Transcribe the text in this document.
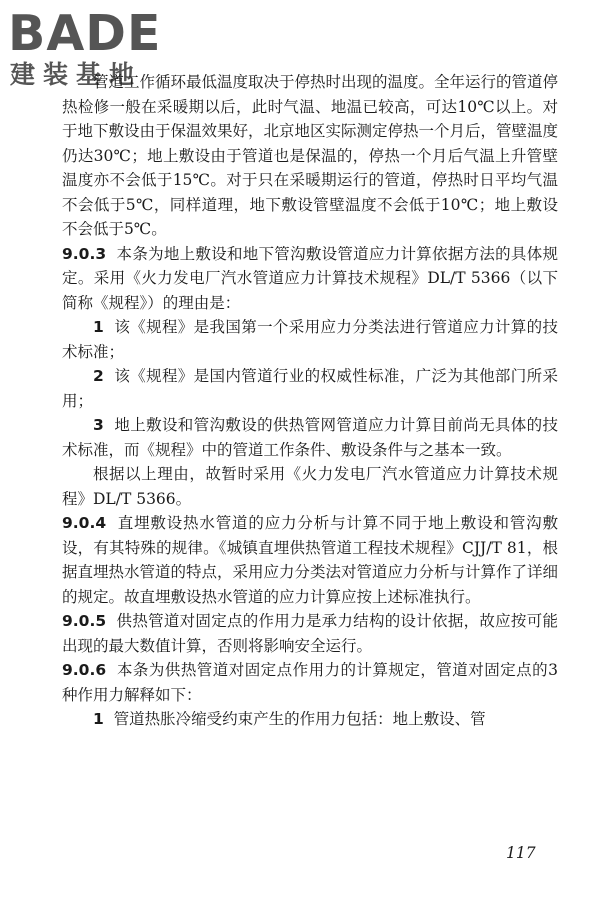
BADE
建装基地

管道工作循环最低温度取决于停热时出现的温度。全年运行的管道停热检修一般在采暖期以后，此时气温、地温已较高，可达10℃以上。对于地下敷设由于保温效果好，北京地区实际测定停热一个月后，管壁温度仍达30℃；地上敷设由于管道也是保温的，停热一个月后气温上升管壁温度亦不会低于15℃。对于只在采暖期运行的管道，停热时日平均气温不会低于5℃，同样道理，地下敷设管壁温度不会低于10℃；地上敷设不会低于5℃。

9.0.3 本条为地上敷设和地下管沟敷设管道应力计算依据方法的具体规定。采用《火力发电厂汽水管道应力计算技术规程》DL/T 5366（以下简称《规程》）的理由是：

1 该《规程》是我国第一个采用应力分类法进行管道应力计算的技术标准；

2 该《规程》是国内管道行业的权威性标准，广泛为其他部门所采用；

3 地上敷设和管沟敷设的供热管网管道应力计算目前尚无具体的技术标准，而《规程》中的管道工作条件、敷设条件与之基本一致。

根据以上理由，故暂时采用《火力发电厂汽水管道应力计算技术规程》DL/T 5366。

9.0.4 直埋敷设热水管道的应力分析与计算不同于地上敷设和管沟敷设，有其特殊的规律。《城镇直埋供热管道工程技术规程》CJJ/T 81，根据直埋热水管道的特点，采用应力分类法对管道应力分析与计算作了详细的规定。故直埋敷设热水管道的应力计算应按上述标准执行。

9.0.5 供热管道对固定点的作用力是承力结构的设计依据，故应按可能出现的最大数值计算，否则将影响安全运行。

9.0.6 本条为供热管道对固定点作用力的计算规定，管道对固定点的3种作用力解释如下：

1 管道热胀冷缩受约束产生的作用力包括：地上敷设、管

117
